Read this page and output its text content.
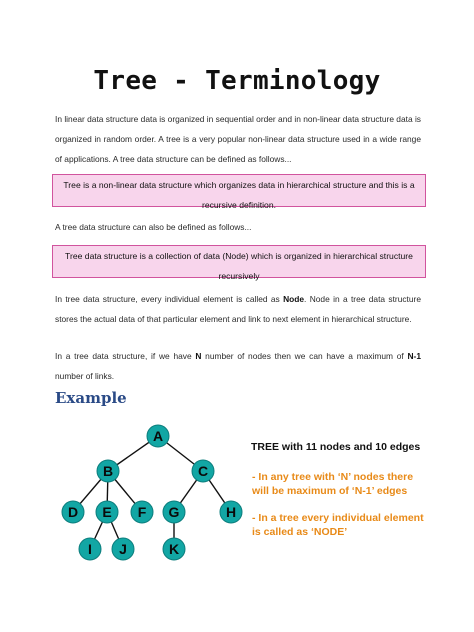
Tree - Terminology

In linear data structure data is organized in sequential order and in non-linear data structure data is organized in random order. A tree is a very popular non-linear data structure used in a wide range of applications. A tree data structure can be defined as follows...

Tree is a non-linear data structure which organizes data in hierarchical structure and this is a recursive definition.

A tree data structure can also be defined as follows...

Tree data structure is a collection of data (Node) which is organized in hierarchical structure recursively

In tree data structure, every individual element is called as Node. Node in a tree data structure stores the actual data of that particular element and link to next element in hierarchical structure.

In a tree data structure, if we have N number of nodes then we can have a maximum of N-1 number of links.

Example
A
B	C
D E F G	H
I J	K
TREE with 11 nodes and 10 edges
- In any tree with ‘N’ nodes there will be maximum of ‘N-1’ edges
- In a tree every individual element is called as ‘NODE’
